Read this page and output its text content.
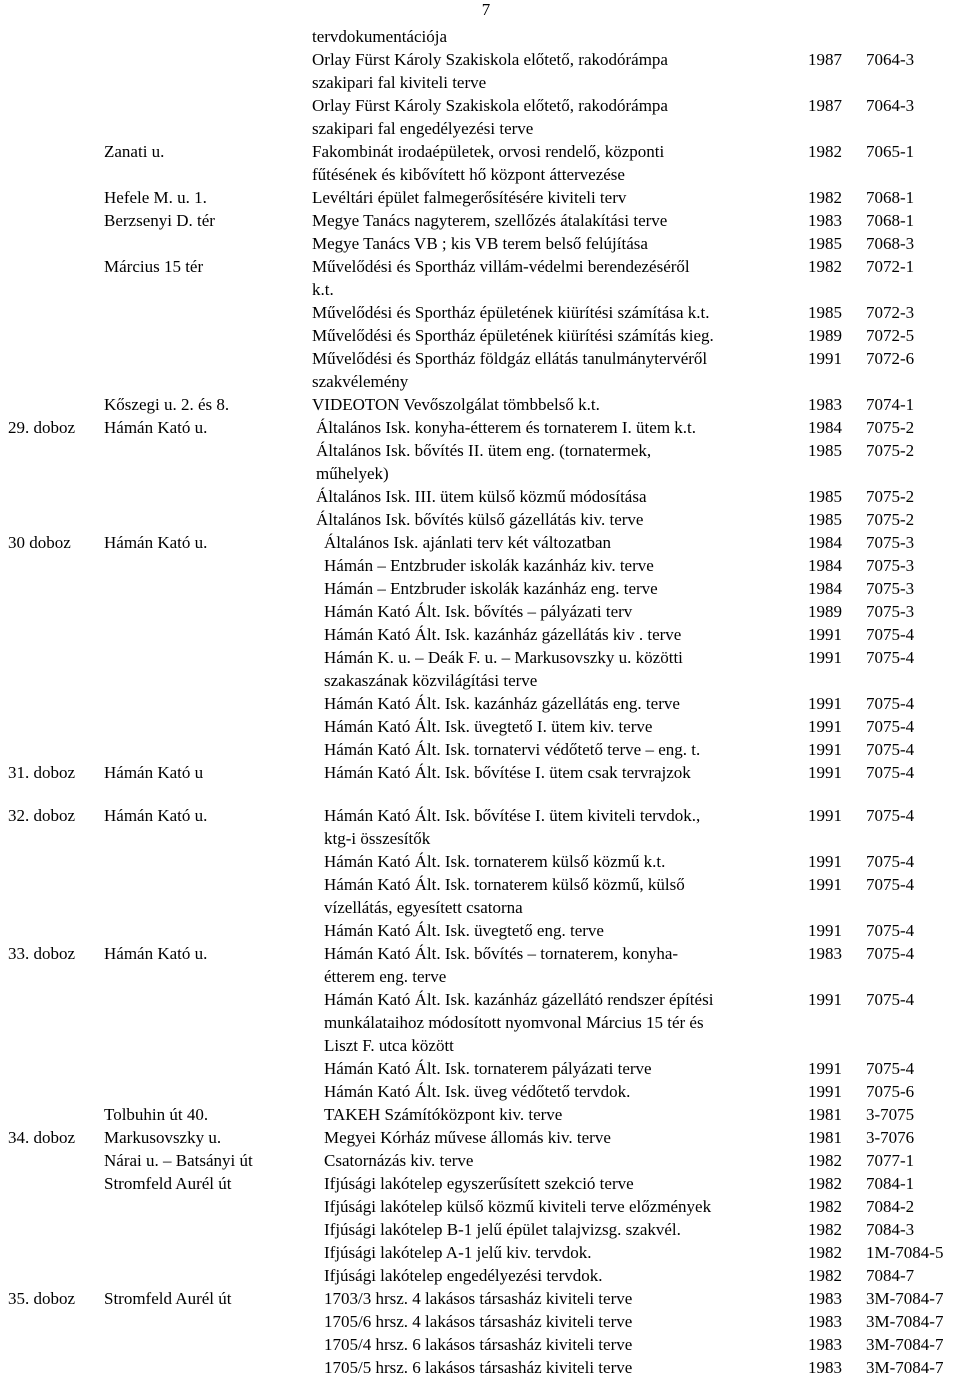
7
tervdokumentációja
Orlay Fürst Károly Szakiskola előtető, rakodórámpa	1987 7064-3
szakipari fal kiviteli terve
Orlay Fürst Károly Szakiskola előtető, rakodórámpa	1987 7064-3
szakipari fal engedélyezési terve
Zanati u.	Fakombinát irodaépületek, orvosi rendelő, központi	1982 7065-1
fűtésének és kibővített hő központ áttervezése
Hefele M. u. 1.	Levéltári épület falmegerősítésére kiviteli terv	1982 7068-1
Berzsenyi D. tér	Megye Tanács nagyterem, szellőzés átalakítási terve	1983 7068-1
Megye Tanács VB ; kis VB terem belső felújítása	1985 7068-3
Március 15 tér	Művelődési és Sportház villám-védelmi berendezéséről	1982 7072-1
k.t.
Művelődési és Sportház épületének kiürítési számítása k.t.	1985 7072-3
Művelődési és Sportház épületének kiürítési számítás kieg.	1989 7072-5
Művelődési és Sportház földgáz ellátás tanulmánytervéről	1991 7072-6
szakvélemény
Kőszegi u. 2. és 8.	VIDEOTON Vevőszolgálat tömbbelső k.t.	1983 7074-1
29. doboz Hámán Kató u.	Általános Isk. konyha-étterem és tornaterem I. ütem k.t.	1984 7075-2
Általános Isk. bővítés II. ütem eng. (tornatermek,	1985 7075-2
műhelyek)
Általános Isk. III. ütem külső közmű módosítása	1985 7075-2
Általános Isk. bővítés külső gázellátás kiv. terve	1985 7075-2
30 doboz Hámán Kató u.	Általános Isk. ajánlati terv két változatban	1984 7075-3
Hámán – Entzbruder iskolák kazánház kiv. terve	1984 7075-3
Hámán – Entzbruder iskolák kazánház eng. terve	1984 7075-3
Hámán Kató Ált. Isk. bővítés – pályázati terv	1989 7075-3
Hámán Kató Ált. Isk. kazánház gázellátás kiv . terve	1991 7075-4
Hámán K. u. – Deák F. u. – Markusovszky u. közötti	1991 7075-4
szakaszának közvilágítási terve
Hámán Kató Ált. Isk. kazánház gázellátás eng. terve	1991 7075-4
Hámán Kató Ált. Isk. üvegtető I. ütem kiv. terve	1991 7075-4
Hámán Kató Ált. Isk. tornatervi védőtető terve – eng. t.	1991 7075-4
31. doboz Hámán Kató u	Hámán Kató Ált. Isk. bővítése I. ütem csak tervrajzok	1991 7075-4
32. doboz Hámán Kató u.	Hámán Kató Ált. Isk. bővítése I. ütem kiviteli tervdok.,	1991 7075-4
ktg-i összesítők
Hámán Kató Ált. Isk. tornaterem külső közmű k.t.	1991 7075-4
Hámán Kató Ált. Isk. tornaterem külső közmű, külső	1991 7075-4
vízellátás, egyesített csatorna
Hámán Kató Ált. Isk. üvegtető eng. terve	1991 7075-4
33. doboz Hámán Kató u.	Hámán Kató Ált. Isk. bővítés – tornaterem, konyha-	1983 7075-4
étterem eng. terve
Hámán Kató Ált. Isk. kazánház gázellátó rendszer építési	1991 7075-4
munkálataihoz módosított nyomvonal Március 15 tér és
Liszt F. utca között
Hámán Kató Ált. Isk. tornaterem pályázati terve	1991 7075-4
Hámán Kató Ált. Isk. üveg védőtető tervdok.	1991 7075-6
Tolbuhin út 40.	TAKEH Számítóközpont kiv. terve	1981 3-7075
34. doboz Markusovszky u.	Megyei Kórház művese állomás kiv. terve	1981 3-7076
Nárai u. – Batsányi út	Csatornázás kiv. terve	1982 7077-1
Stromfeld Aurél út	Ifjúsági lakótelep egyszerűsített szekció terve	1982 7084-1
Ifjúsági lakótelep külső közmű kiviteli terve előzmények	1982 7084-2
Ifjúsági lakótelep B-1 jelű épület talajvizsg. szakvél.	1982 7084-3
Ifjúsági lakótelep A-1 jelű kiv. tervdok.	1982 1M-7084-5
Ifjúsági lakótelep engedélyezési tervdok.	1982 7084-7
35. doboz Stromfeld Aurél út	1703/3 hrsz. 4 lakásos társasház kiviteli terve	1983 3M-7084-7
1705/6 hrsz. 4 lakásos társasház kiviteli terve	1983 3M-7084-7
1705/4 hrsz. 6 lakásos társasház kiviteli terve	1983 3M-7084-7
1705/5 hrsz. 6 lakásos társasház kiviteli terve	1983 3M-7084-7
